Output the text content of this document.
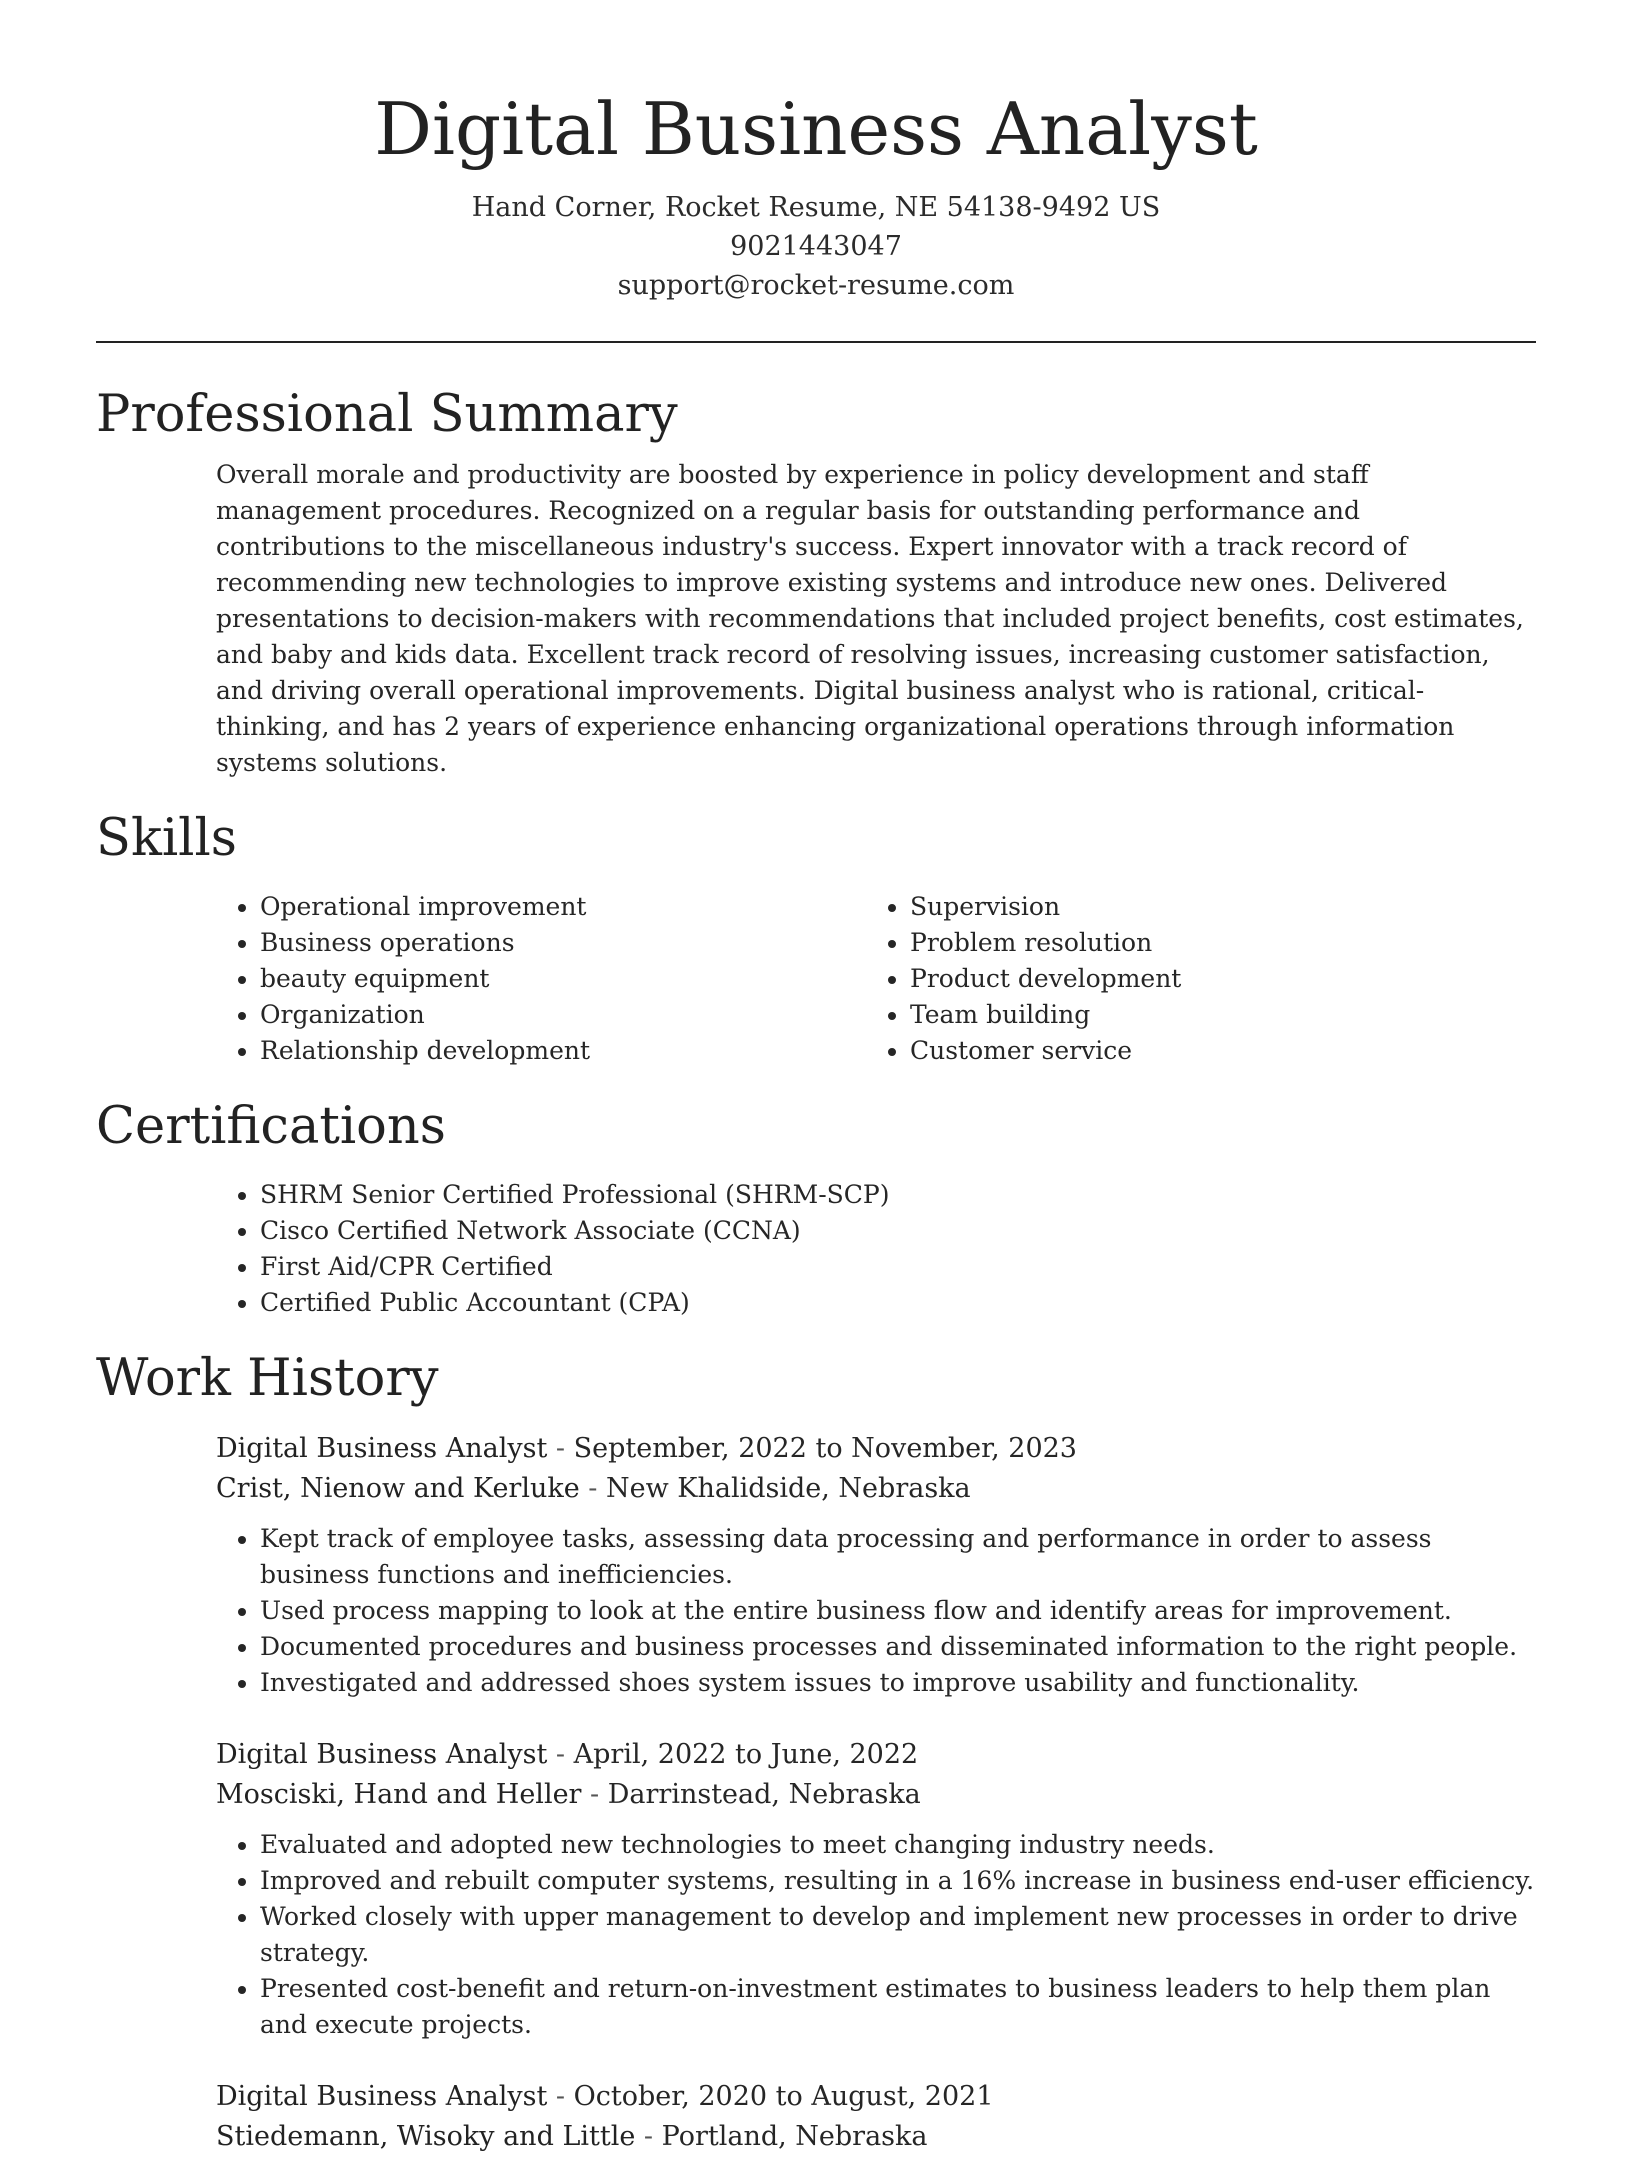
Digital Business Analyst
Hand Corner, Rocket Resume, NE 54138-9492 US
9021443047
support@rocket-resume.com
Professional Summary
Overall morale and productivity are boosted by experience in policy development and staff management procedures. Recognized on a regular basis for outstanding performance and contributions to the miscellaneous industry's success. Expert innovator with a track record of recommending new technologies to improve existing systems and introduce new ones. Delivered presentations to decision-makers with recommendations that included project benefits, cost estimates, and baby and kids data. Excellent track record of resolving issues, increasing customer satisfaction, and driving overall operational improvements. Digital business analyst who is rational, critical-thinking, and has 2 years of experience enhancing organizational operations through information systems solutions.
Skills
• Operational improvement
• Business operations
• beauty equipment
• Organization
• Relationship development
• Supervision
• Problem resolution
• Product development
• Team building
• Customer service
Certifications
• SHRM Senior Certified Professional (SHRM-SCP)
• Cisco Certified Network Associate (CCNA)
• First Aid/CPR Certified
• Certified Public Accountant (CPA)
Work History
Digital Business Analyst - September, 2022 to November, 2023
Crist, Nienow and Kerluke - New Khalidside, Nebraska
• Kept track of employee tasks, assessing data processing and performance in order to assess business functions and inefficiencies.
• Used process mapping to look at the entire business flow and identify areas for improvement.
• Documented procedures and business processes and disseminated information to the right people.
• Investigated and addressed shoes system issues to improve usability and functionality.
Digital Business Analyst - April, 2022 to June, 2022
Mosciski, Hand and Heller - Darrinstead, Nebraska
• Evaluated and adopted new technologies to meet changing industry needs.
• Improved and rebuilt computer systems, resulting in a 16% increase in business end-user efficiency.
• Worked closely with upper management to develop and implement new processes in order to drive strategy.
• Presented cost-benefit and return-on-investment estimates to business leaders to help them plan and execute projects.
Digital Business Analyst - October, 2020 to August, 2021
Stiedemann, Wisoky and Little - Portland, Nebraska
